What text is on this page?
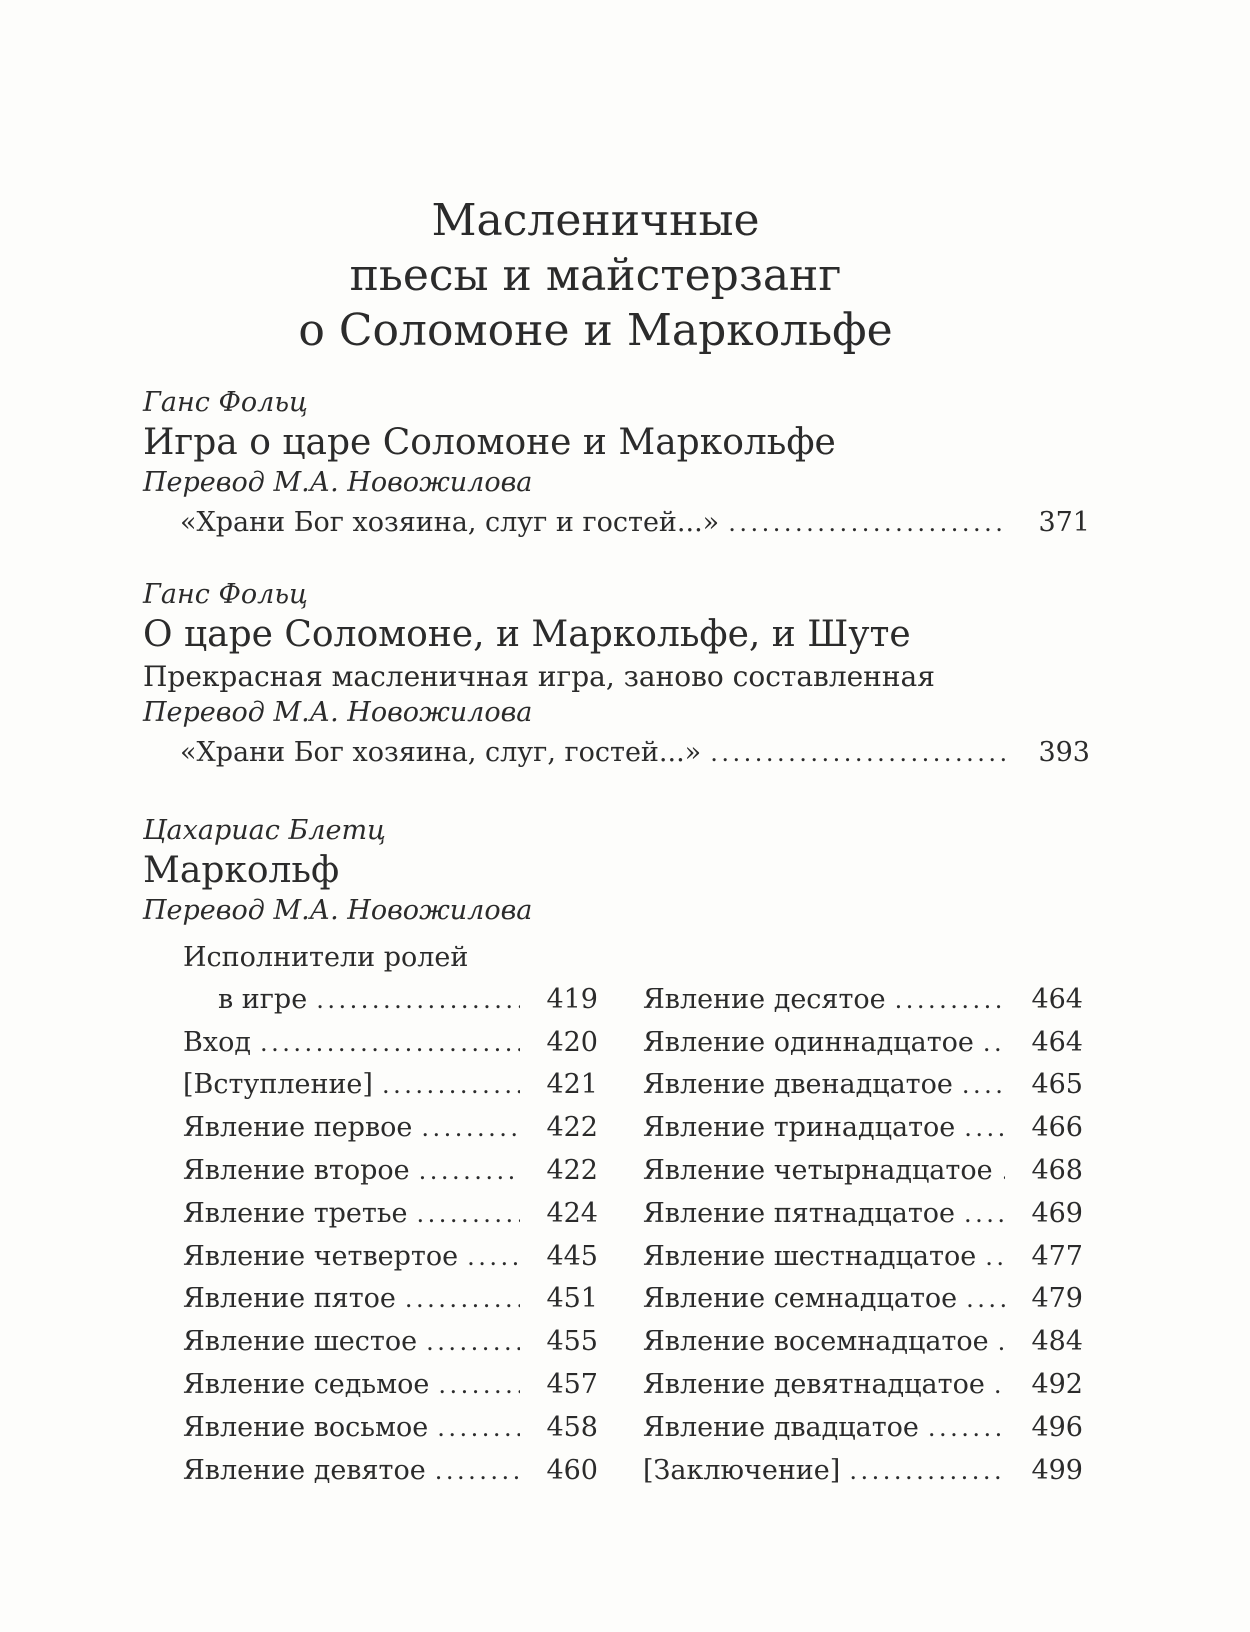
Масленичные
пьесы и майстерзанг
о Соломоне и Маркольфе
Ганс Фольц
Игра о царе Соломоне и Маркольфе
Перевод М.А. Новожилова
«Храни Бог хозяина, слуг и гостей...» .....	371
Ганс Фольц
О царе Соломоне, и Маркольфе, и Шуте
Прекрасная масленичная игра, заново составленная
Перевод М.А. Новожилова
«Храни Бог хозяина, слуг, гостей...» .....	393
Цахариас Блетц
Маркольф
Перевод М.А. Новожилова
Исполнители ролей
в игре .....	419
Вход .....	420
[Вступление] .....	421
Явление первое .....	422
Явление второе .....	422
Явление третье .....	424
Явление четвертое .....	445
Явление пятое .....	451
Явление шестое .....	455
Явление седьмое .....	457
Явление восьмое .....	458
Явление девятое .....	460
Явление десятое .....	464
Явление одиннадцатое ..... 464
Явление двенадцатое .....	465
Явление тринадцатое .....	466
Явление четырнадцатое ..... 468
Явление пятнадцатое .....	469
Явление шестнадцатое ..... 477
Явление семнадцатое .....	479
Явление восемнадцатое ..... 484
Явление девятнадцатое ..... 492
Явление двадцатое .....	496
[Заключение] .....	499
